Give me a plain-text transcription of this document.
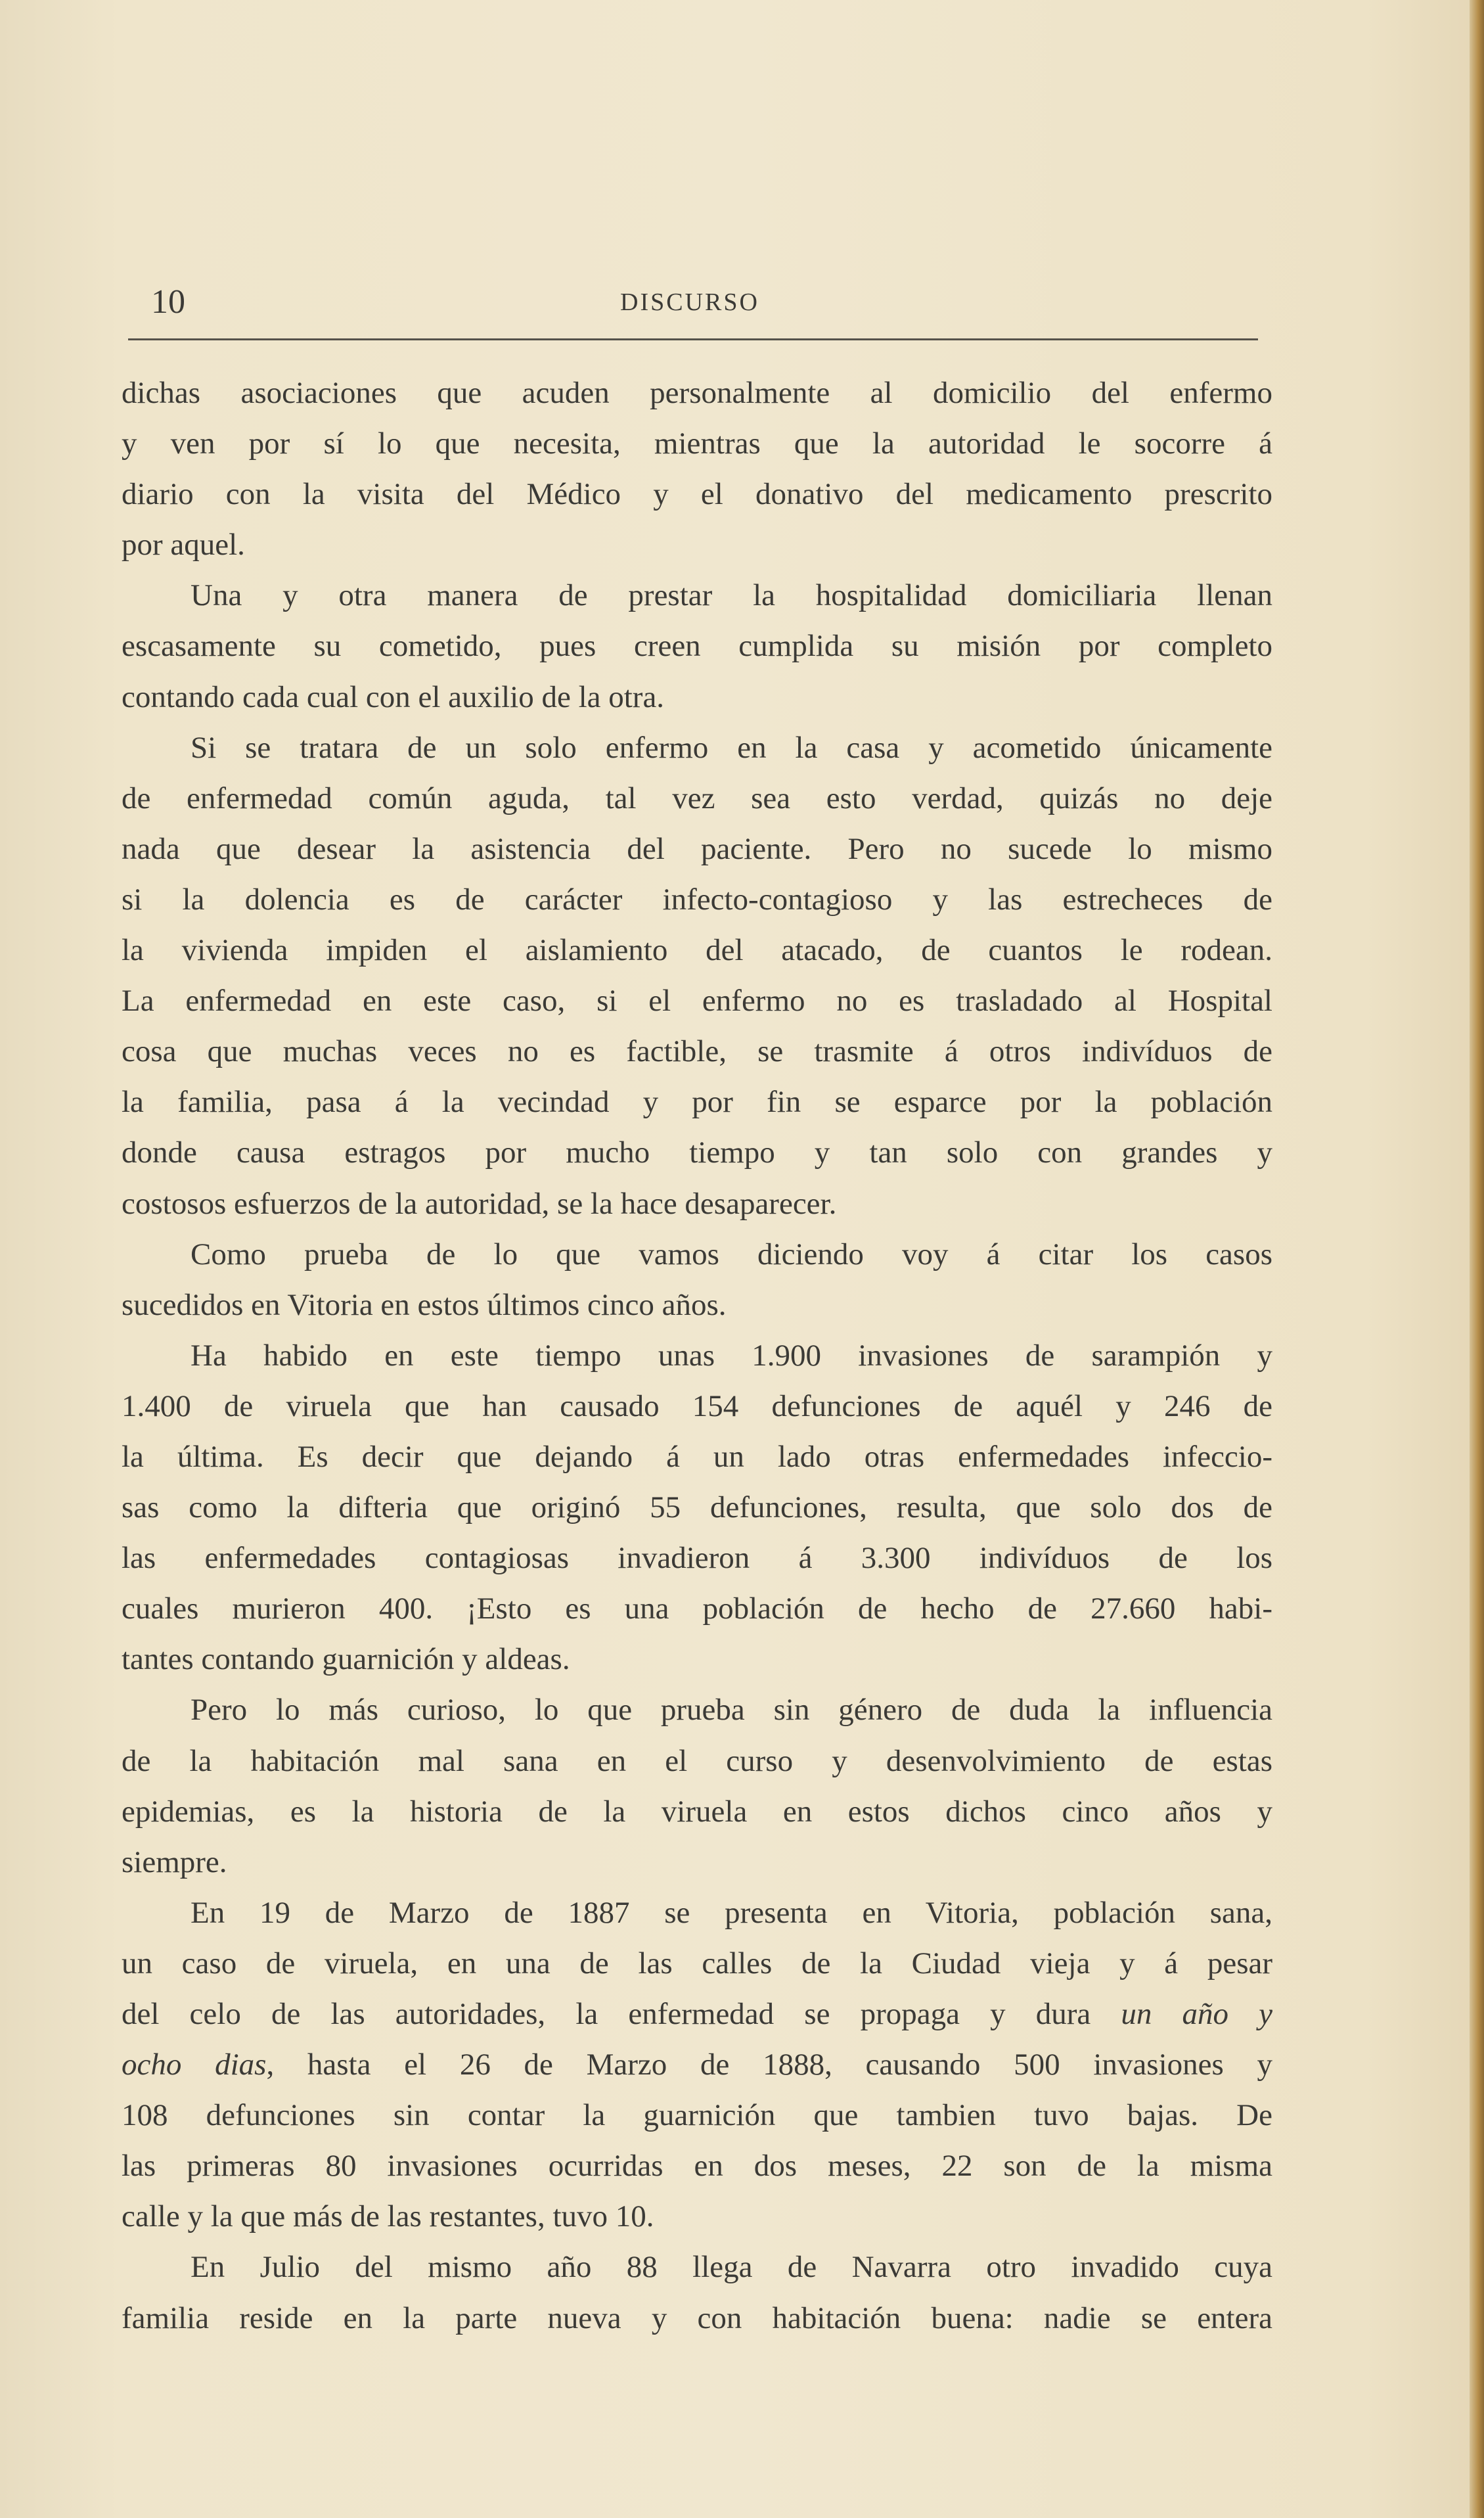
10	DISCURSO
dichas asociaciones que acuden personalmente al domicilio del enfermo
y ven por sí lo que necesita, mientras que la autoridad le socorre á
diario con la visita del Médico y el donativo del medicamento prescrito
por aquel.
Una y otra manera de prestar la hospitalidad domiciliaria llenan
escasamente su cometido, pues creen cumplida su misión por completo
contando cada cual con el auxilio de la otra.
Si se tratara de un solo enfermo en la casa y acometido únicamente
de enfermedad común aguda, tal vez sea esto verdad, quizás no deje
nada que desear la asistencia del paciente. Pero no sucede lo mismo
si la dolencia es de carácter infecto-contagioso y las estrecheces de
la vivienda impiden el aislamiento del atacado, de cuantos le rodean.
La enfermedad en este caso, si el enfermo no es trasladado al Hospital
cosa que muchas veces no es factible, se trasmite á otros indivíduos de
la familia, pasa á la vecindad y por fin se esparce por la población
donde causa estragos por mucho tiempo y tan solo con grandes y
costosos esfuerzos de la autoridad, se la hace desaparecer.
Como prueba de lo que vamos diciendo voy á citar los casos
sucedidos en Vitoria en estos últimos cinco años.
Ha habido en este tiempo unas 1.900 invasiones de sarampión y
1.400 de viruela que han causado 154 defunciones de aquél y 246 de
la última. Es decir que dejando á un lado otras enfermedades infeccio-
sas como la difteria que originó 55 defunciones, resulta, que solo dos de
las enfermedades contagiosas invadieron á 3.300 indivíduos de los
cuales murieron 400. ¡Esto es una población de hecho de 27.660 habi-
tantes contando guarnición y aldeas.
Pero lo más curioso, lo que prueba sin género de duda la influencia
de la habitación mal sana en el curso y desenvolvimiento de estas
epidemias, es la historia de la viruela en estos dichos cinco años y
siempre.
En 19 de Marzo de 1887 se presenta en Vitoria, población sana,
un caso de viruela, en una de las calles de la Ciudad vieja y á pesar
del celo de las autoridades, la enfermedad se propaga y dura un año y
ocho dias, hasta el 26 de Marzo de 1888, causando 500 invasiones y
108 defunciones sin contar la guarnición que tambien tuvo bajas. De
las primeras 80 invasiones ocurridas en dos meses, 22 son de la misma
calle y la que más de las restantes, tuvo 10.
En Julio del mismo año 88 llega de Navarra otro invadido cuya
familia reside en la parte nueva y con habitación buena: nadie se entera
